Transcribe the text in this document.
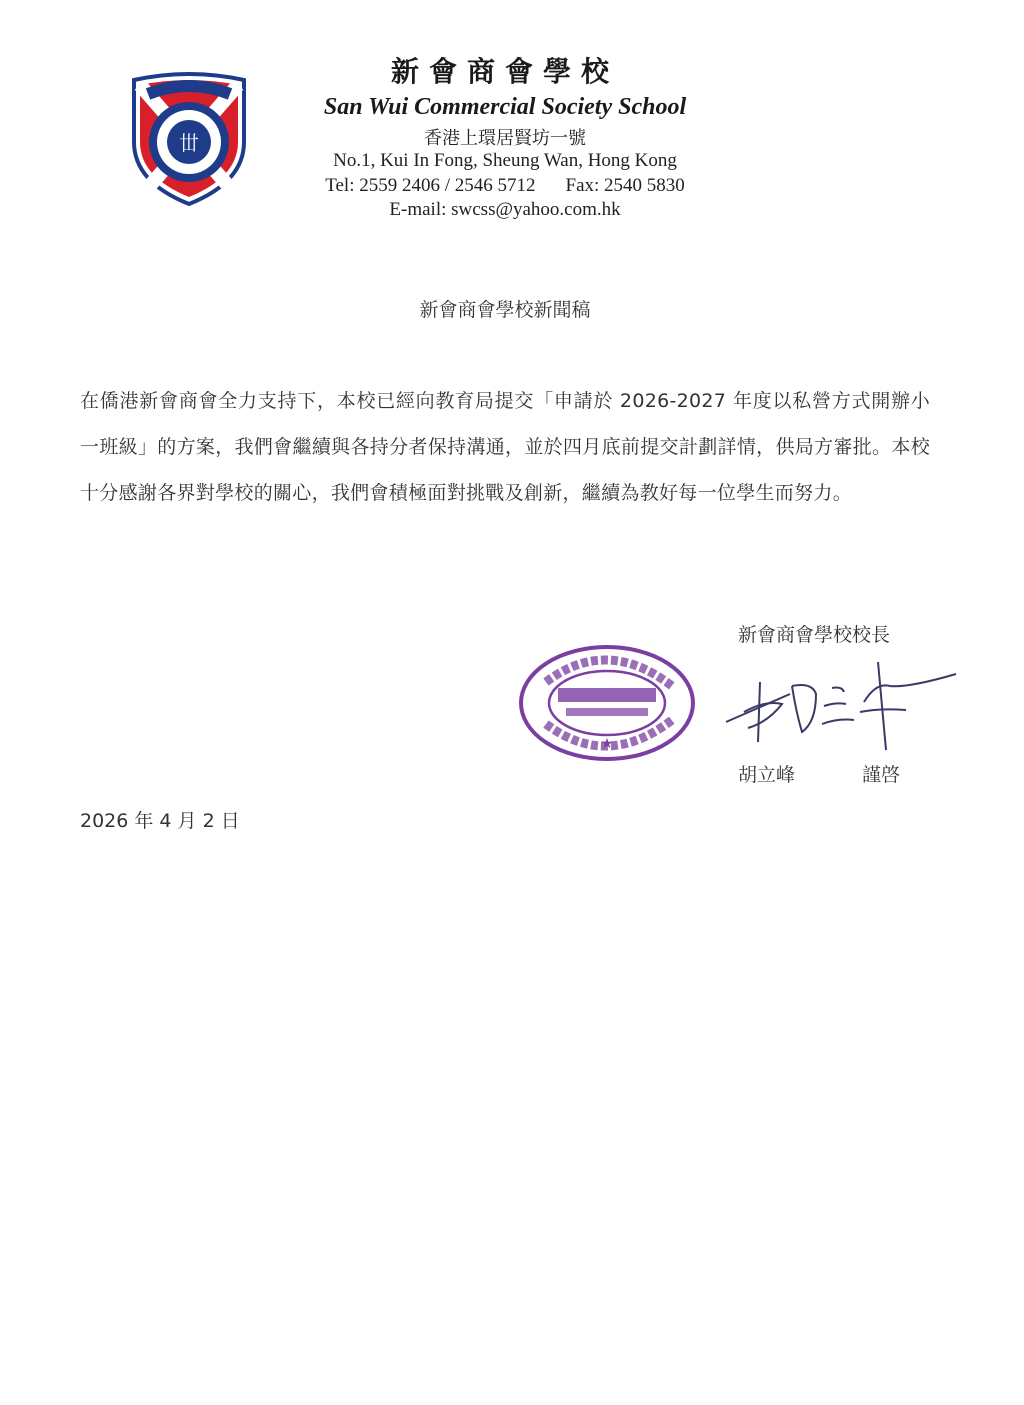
丗
新會商會學校
San Wui Commercial Society School
香港上環居賢坊一號
No.1, Kui In Fong, Sheung Wan, Hong Kong
Tel: 2559 2406 / 2546 5712 Fax: 2540 5830
E-mail: swcss@yahoo.com.hk
新會商會學校新聞稿
在僑港新會商會全力支持下，本校已經向教育局提交「申請於 2026-2027 年度以私營方式開辦小一班級」的方案，我們會繼續與各持分者保持溝通，並於四月底前提交計劃詳情，供局方審批。本校十分感謝各界對學校的關心，我們會積極面對挑戰及創新，繼續為教好每一位學生而努力。
新會商會學校校長
★
胡立峰	謹啓
2026 年 4 月 2 日
